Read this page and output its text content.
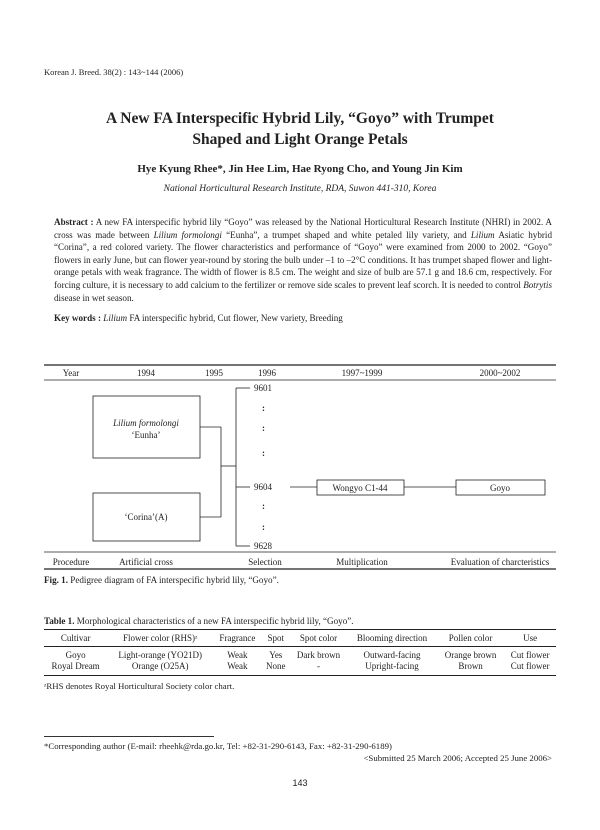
Korean J. Breed. 38(2) : 143~144 (2006)
A New FA Interspecific Hybrid Lily, “Goyo” with Trumpet
Shaped and Light Orange Petals
Hye Kyung Rhee*, Jin Hee Lim, Hae Ryong Cho, and Young Jin Kim
National Horticultural Research Institute, RDA, Suwon 441-310, Korea
Abstract : A new FA interspecific hybrid lily “Goyo” was released by the National Horticultural Research Institute (NHRI) in 2002. A cross was made between Lilium formolongi “Eunha”, a trumpet shaped and white petaled lily variety, and Lilium Asiatic hybrid “Corina”, a red colored variety. The flower characteristics and performance of “Goyo” were examined from 2000 to 2002. “Goyo” flowers in early June, but can flower year-round by storing the bulb under –1 to –2°C conditions. It has trumpet shaped flower and light-orange petals with weak fragrance. The width of flower is 8.5 cm. The weight and size of bulb are 57.1 g and 18.6 cm, respectively. For forcing culture, it is necessary to add calcium to the fertilizer or remove side scales to prevent leaf scorch. It is needed to control Botrytis disease in wet season.
Key words : Lilium FA interspecific hybrid, Cut flower, New variety, Breeding
Year	1994	1995	1996	1997~1999	2000~2002
Lilium formolongi
‘Eunha’
‘Corina’(A)
9601
:
:
:
9604
:
:
9628
Wongyo C1-44	Goyo
Procedure	Artificial cross	Selection	Multiplication	Evaluation of charcteristics
Fig. 1. Pedigree diagram of FA interspecific hybrid lily, “Goyo”.
Table 1. Morphological characteristics of a new FA interspecific hybrid lily, “Goyo”.
Cultivar	Flower color (RHS)ᶻ	Fragrance	Spot	Spot color	Blooming direction	Pollen color	Use
Goyo	Light-orange (YO21D)	Weak	Yes	Dark brown	Outward-facing	Orange brown	Cut flower
Royal Dream	Orange (O25A)	Weak	None	-	Upright-facing	Brown	Cut flower
ᶻRHS denotes Royal Horticultural Society color chart.
*Corresponding author (E-mail: rheehk@rda.go.kr, Tel: +82-31-290-6143, Fax: +82-31-290-6189)
<Submitted 25 March 2006; Accepted 25 June 2006>
143
